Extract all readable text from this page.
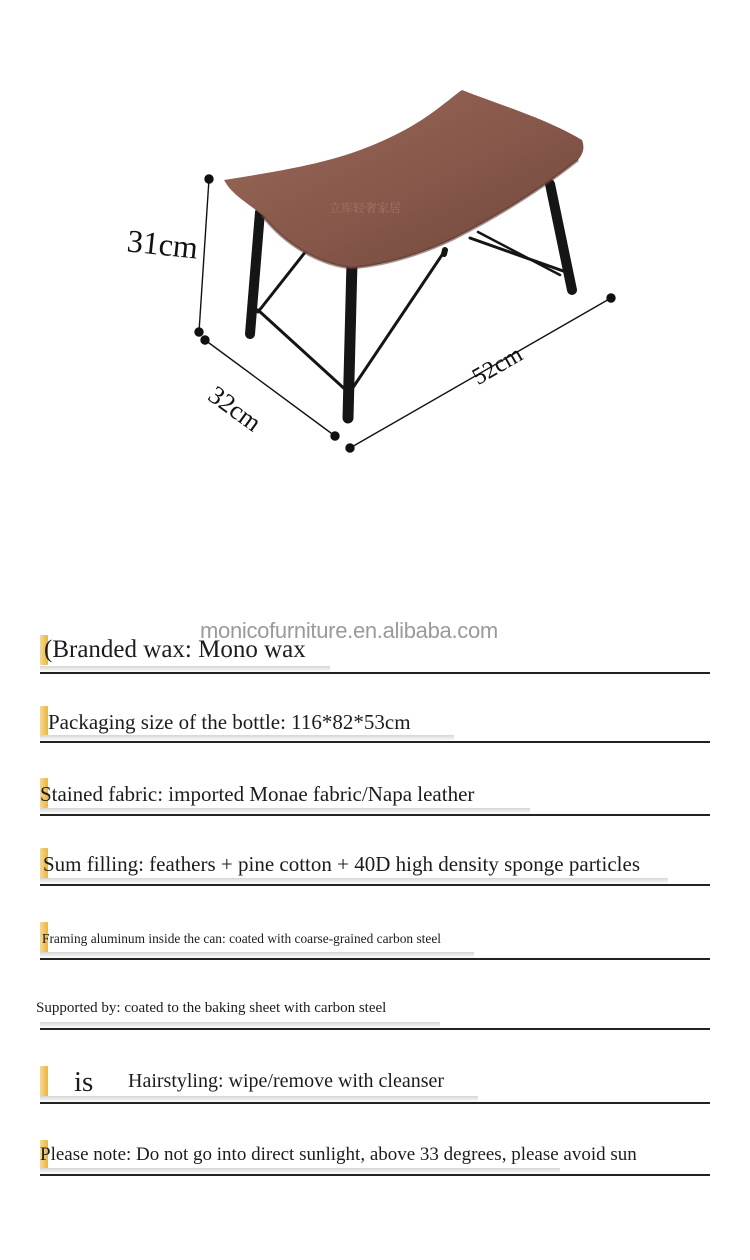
立库轻奢家居
31cm
32cm
52cm
monicofurniture.en.alibaba.com
(Branded wax: Mono wax
Packaging size of the bottle: 116*82*53cm
Stained fabric: imported Monae fabric/Napa leather
Sum filling: feathers + pine cotton + 40D high density sponge particles
Framing aluminum inside the can: coated with coarse-grained carbon steel
Supported by: coated to the baking sheet with carbon steel
is Hairstyling: wipe/remove with cleanser
Please note: Do not go into direct sunlight, above 33 degrees, please avoid sun
